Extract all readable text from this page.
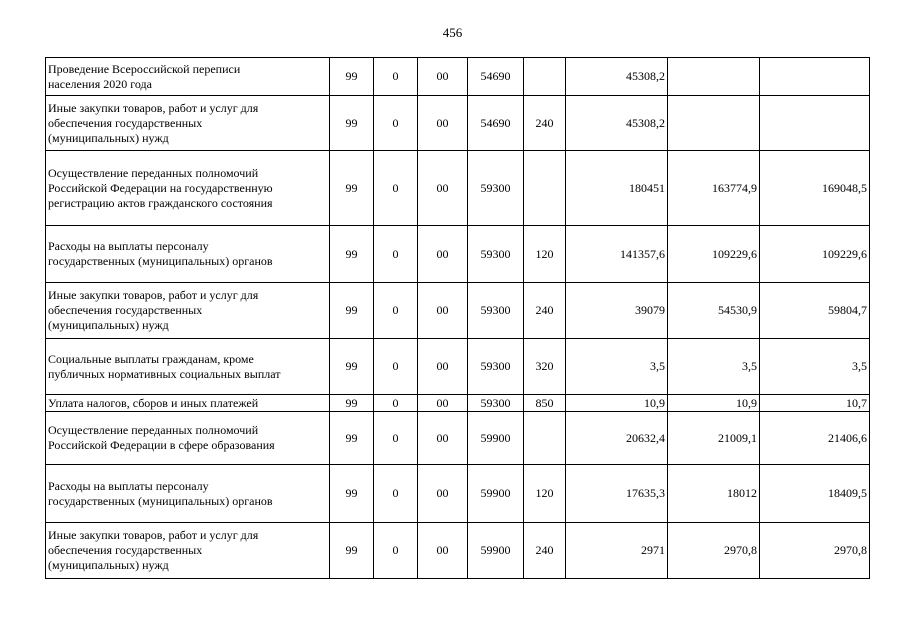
456
Проведение Всероссийской переписи
населения 2020 года	99	0	00	54690		45308,2		

Иные закупки товаров, работ и услуг для
обеспечения государственных
(муниципальных) нужд	99	0	00	54690	240	45308,2		

Осуществление переданных полномочий
Российской Федерации на государственную
регистрацию актов гражданского состояния	99	0	00	59300		180451	163774,9	169048,5

Расходы на выплаты персоналу
государственных (муниципальных) органов	99	0	00	59300	120	141357,6	109229,6	109229,6

Иные закупки товаров, работ и услуг для
обеспечения государственных
(муниципальных) нужд	99	0	00	59300	240	39079	54530,9	59804,7

Социальные выплаты гражданам, кроме
публичных нормативных социальных выплат	99	0	00	59300	320	3,5	3,5	3,5

Уплата налогов, сборов и иных платежей	99	0	00	59300	850	10,9	10,9	10,7

Осуществление переданных полномочий
Российской Федерации в сфере образования	99	0	00	59900		20632,4	21009,1	21406,6

Расходы на выплаты персоналу
государственных (муниципальных) органов	99	0	00	59900	120	17635,3	18012	18409,5

Иные закупки товаров, работ и услуг для
обеспечения государственных
(муниципальных) нужд	99	0	00	59900	240	2971	2970,8	2970,8
